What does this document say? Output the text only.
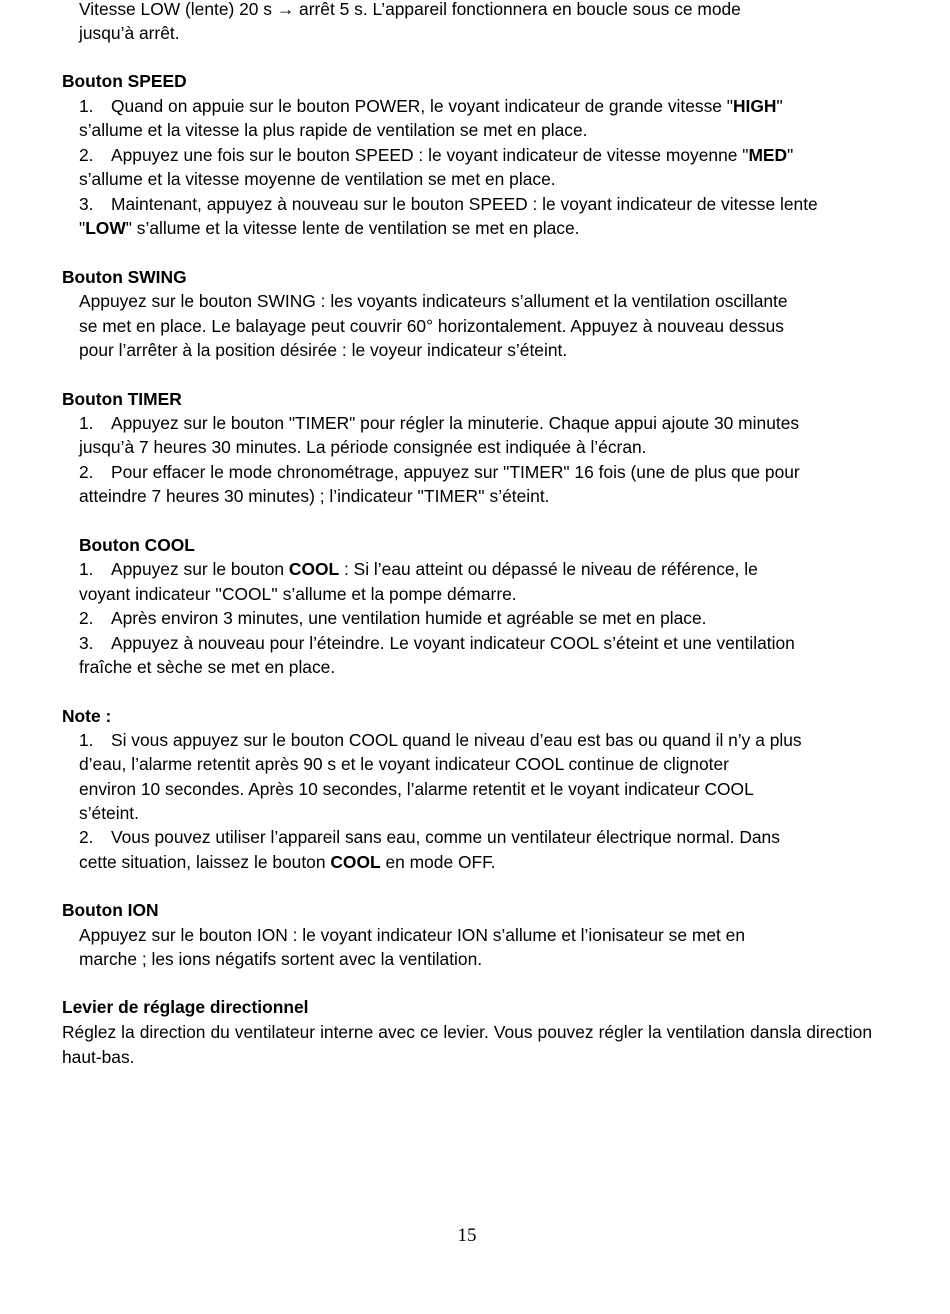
Vitesse LOW (lente) 20 s → arrêt 5 s. L’appareil fonctionnera en boucle sous ce mode
jusqu’à arrêt.
Bouton SPEED
1. Quand on appuie sur le bouton POWER, le voyant indicateur de grande vitesse "HIGH"
s’allume et la vitesse la plus rapide de ventilation se met en place.
2. Appuyez une fois sur le bouton SPEED : le voyant indicateur de vitesse moyenne "MED"
s’allume et la vitesse moyenne de ventilation se met en place.
3. Maintenant, appuyez à nouveau sur le bouton SPEED : le voyant indicateur de vitesse lente
"LOW" s’allume et la vitesse lente de ventilation se met en place.
Bouton SWING
Appuyez sur le bouton SWING : les voyants indicateurs s’allument et la ventilation oscillante
se met en place. Le balayage peut couvrir 60° horizontalement. Appuyez à nouveau dessus
pour l’arrêter à la position désirée : le voyeur indicateur s’éteint.
Bouton TIMER
1. Appuyez sur le bouton "TIMER" pour régler la minuterie. Chaque appui ajoute 30 minutes
jusqu’à 7 heures 30 minutes. La période consignée est indiquée à l’écran.
2. Pour effacer le mode chronométrage, appuyez sur "TIMER" 16 fois (une de plus que pour
atteindre 7 heures 30 minutes) ; l’indicateur ''TIMER'' s’éteint.
Bouton COOL
1. Appuyez sur le bouton COOL : Si l’eau atteint ou dépassé le niveau de référence, le
voyant indicateur ''COOL'' s’allume et la pompe démarre.
2. Après environ 3 minutes, une ventilation humide et agréable se met en place.
3. Appuyez à nouveau pour l’éteindre. Le voyant indicateur COOL s’éteint et une ventilation
fraîche et sèche se met en place.
Note :
1. Si vous appuyez sur le bouton COOL quand le niveau d’eau est bas ou quand il n’y a plus
d’eau, l’alarme retentit après 90 s et le voyant indicateur COOL continue de clignoter
environ 10 secondes. Après 10 secondes, l’alarme retentit et le voyant indicateur COOL
s’éteint.
2. Vous pouvez utiliser l’appareil sans eau, comme un ventilateur électrique normal. Dans
cette situation, laissez le bouton COOL en mode OFF.
Bouton ION
Appuyez sur le bouton ION : le voyant indicateur ION s’allume et l’ionisateur se met en
marche ; les ions négatifs sortent avec la ventilation.
Levier de réglage directionnel
Réglez la direction du ventilateur interne avec ce levier. Vous pouvez régler la ventilation dansla direction haut-bas.
15
